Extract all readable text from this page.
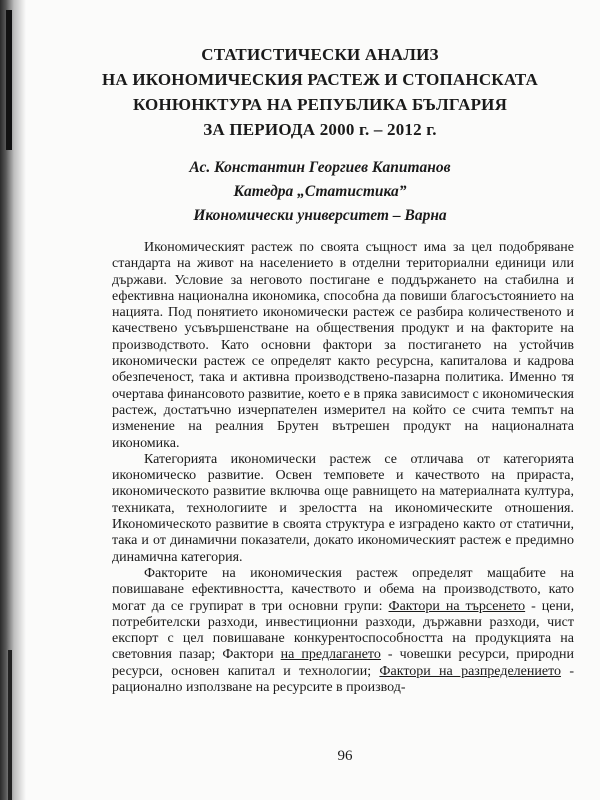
СТАТИСТИЧЕСКИ АНАЛИЗ
НА ИКОНОМИЧЕСКИЯ РАСТЕЖ И СТОПАНСКАТА
КОНЮНКТУРА НА РЕПУБЛИКА БЪЛГАРИЯ
ЗА ПЕРИОДА 2000 г. – 2012 г.
Ас. Константин Георгиев Капитанов
Катедра „Статистика”
Икономически университет – Варна

Икономическият растеж по своята същност има за цел подобряване стандарта на живот на населението в отделни териториални единици или държави. Условие за неговото постигане е поддържането на стабилна и ефективна национална икономика, способна да повиши благосъстоянието на нацията. Под понятието икономически растеж се разбира количественото и качествено усъвършенстване на обществения продукт и на факторите на производството. Като основни фактори за постигането на устойчив икономически растеж се определят както ресурсна, капиталова и кадрова обезпеченост, така и активна производствено-пазарна политика. Именно тя очертава финансовото развитие, което е в пряка зависимост с икономическия растеж, достатъчно изчерпателен измерител на който се счита темпът на изменение на реалния Брутен вътрешен продукт на националната икономика.

Категорията икономически растеж се отличава от категорията икономическо развитие. Освен темповете и качеството на прираста, икономическото развитие включва още равнището на материалната култура, техниката, технологиите и зрелостта на икономическите отношения. Икономическото развитие в своята структура е изградено както от статични, така и от динамични показатели, докато икономическият растеж е предимно динамична категория.

Факторите на икономическия растеж определят мащабите на повишаване ефективността, качеството и обема на производството, като могат да се групират в три основни групи: Фактори на търсенето - цени, потребителски разходи, инвестиционни разходи, държавни разходи, чист експорт с цел повишаване конкурентоспособността на продукцията на световния пазар; Фактори на предлагането - човешки ресурси, природни ресурси, основен капитал и технологии; Фактори на разпределението - рационално използване на ресурсите в производ-

96
